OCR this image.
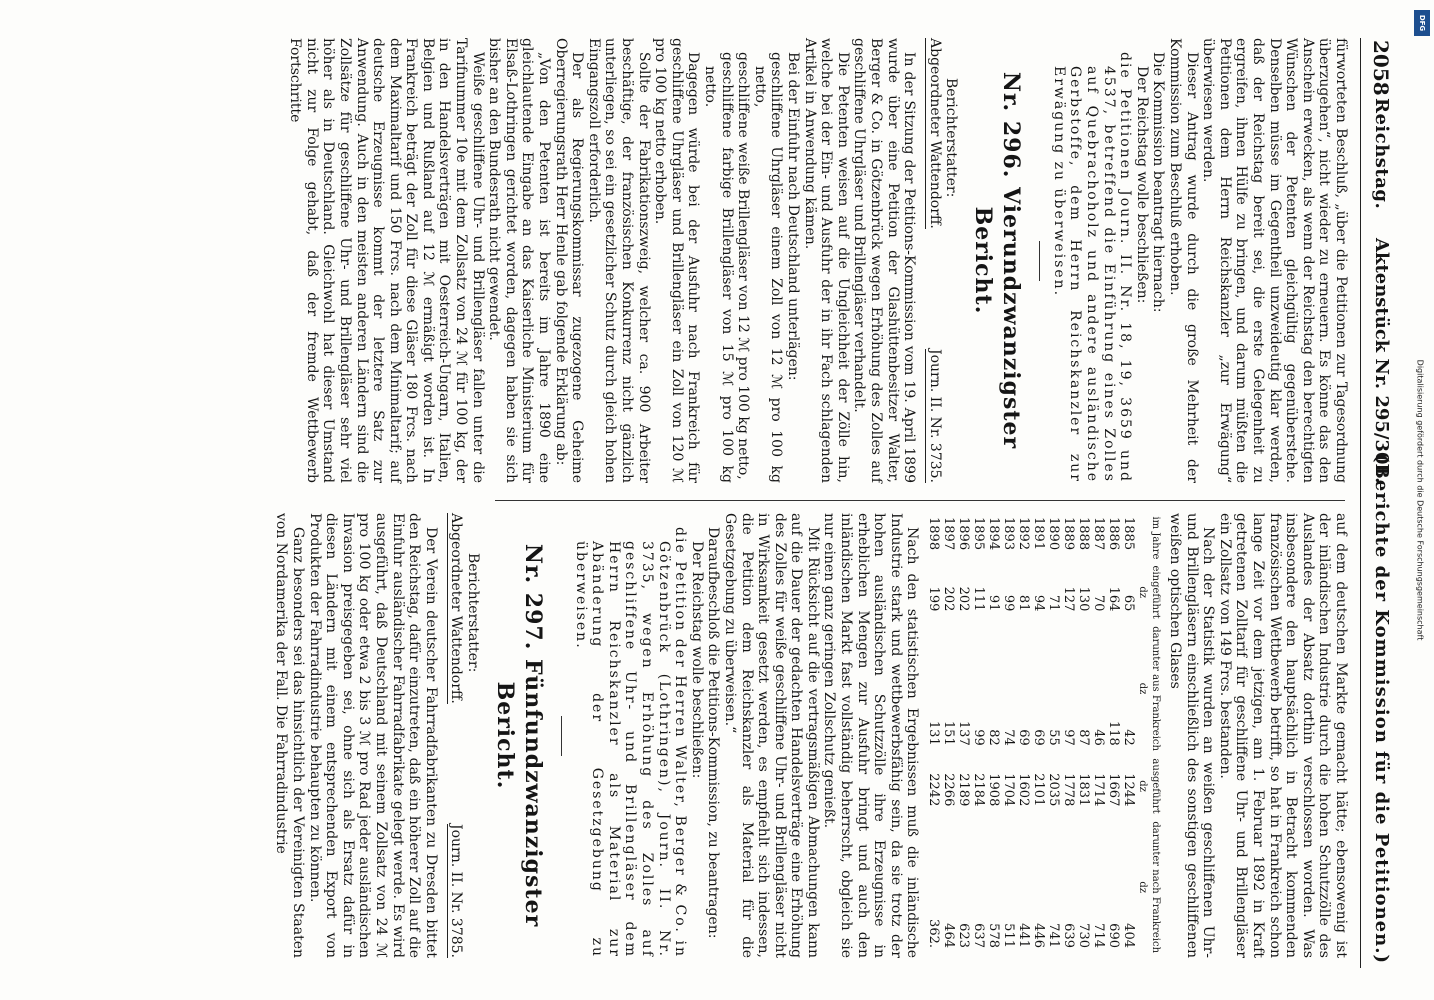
2058
Reichstag.
Aktenstück Nr. 295/301.
(Berichte der Kommission für die Petitionen.)

fürworteten Beschluß, „über die Petitionen zur Tagesordnung überzugehen“, nicht wieder zu erneuern. Es könne das den Anschein erwecken, als wenn der Reichstag den berechtigten Wünschen der Petenten gleichgültig gegenüberstehe. Denselben müsse im Gegentheil unzweideutig klar werden, daß der Reichstag bereit sei, die erste Gelegenheit zu ergreifen, ihnen Hülfe zu bringen, und darum müßten die Petitionen dem Herrn Reichskanzler „zur Erwägung“ überwiesen werden.

Dieser Antrag wurde durch die große Mehrheit der Kommission zum Beschluß erhoben.

Die Kommission beantragt hiernach:

Der Reichstag wolle beschließen:

die Petitionen Journ. II. Nr. 18, 19, 3659 und 4537, betreffend die Einführung eines Zolles auf Quebrachoholz und andere ausländische Gerbstoffe, dem Herrn Reichskanzler zur Erwägung zu überweisen.

Nr. 296. Vierundzwanzigster Bericht.

Berichterstatter:

Abgeordneter Wattendorff.
Journ. II. Nr. 3735.

In der Sitzung der Petitions-Kommission vom 19. April 1899 wurde über eine Petition der Glashüttenbesitzer Walter, Berger & Co. in Götzenbrück wegen Erhöhung des Zolles auf geschliffene Uhrgläser und Brillengläser verhandelt.

Die Petenten weisen auf die Ungleichheit der Zölle hin, welche bei der Ein- und Ausfuhr der in ihr Fach schlagenden Artikel in Anwendung kämen.

Bei der Einfuhr nach Deutschland unterlägen:

geschliffene Uhrgläser einem Zoll von 12 ℳ pro 100 kg netto,

geschliffene weiße Brillengläser von 12 ℳ pro 100 kg netto,

geschliffene farbige Brillengläser von 15 ℳ pro 100 kg netto.

Dagegen würde bei der Ausfuhr nach Frankreich für geschliffene Uhrgläser und Brillengläser ein Zoll von 120 ℳ pro 100 kg netto erhoben.

Sollte der Fabrikationszweig, welcher ca. 900 Arbeiter beschäftige, der französischen Konkurrenz nicht gänzlich unterliegen, so sei ein gesetzlicher Schutz durch gleich hohen Eingangszoll erforderlich.

Der als Regierungskommissar zugezogene Geheime Oberregierungsrath Herr Henle gab folgende Erklärung ab:

„Von den Petenten ist bereits im Jahre 1890 eine gleichlautende Eingabe an das Kaiserliche Ministerium für Elsaß-Lothringen gerichtet worden, dagegen haben sie sich bisher an den Bundesrath nicht gewendet.

Weiße geschliffene Uhr- und Brillengläser fallen unter die Tarifnummer 10e mit dem Zollsatz von 24 ℳ für 100 kg, der in den Handelsverträgen mit Oesterreich-Ungarn, Italien, Belgien und Rußland auf 12 ℳ ermäßigt worden ist. In Frankreich beträgt der Zoll für diese Gläser 180 Frcs. nach dem Maximaltarif und 150 Frcs. nach dem Minimaltarif; auf deutsche Erzeugnisse kommt der letztere Satz zur Anwendung. Auch in den meisten anderen Ländern sind die Zollsätze für geschliffene Uhr- und Brillengläser sehr viel höher als in Deutschland. Gleichwohl hat dieser Umstand nicht zur Folge gehabt, daß der fremde Wettbewerb Fortschritte

auf dem deutschen Markte gemacht hätte; ebensowenig ist der inländischen Industrie durch die hohen Schutzzölle des Auslandes der Absatz dorthin verschlossen worden. Was insbesondere den hauptsächlich in Betracht kommenden französischen Wettbewerb betrifft, so hat in Frankreich schon lange Zeit vor dem jetzigen, am 1. Februar 1892 in Kraft getretenen Zolltarif für geschliffene Uhr- und Brillengläser ein Zollsatz von 149 Frcs. bestanden.

Nach der Statistik wurden an weißen geschliffenen Uhr- und Brillengläsern einschließlich des sonstigen geschliffenen weißen optischen Glases

im Jahre	eingeführt	darunter aus Frankreich	ausgeführt	darunter nach Frankreich
	dz	dz	dz	dz
1885	65	42	1244	404
1886	164	118	1667	690
1887	70	46	1714	714
1888	130	87	1831	730
1889	127	97	1778	639
1890	71	55	2035	741
1891	94	69	2101	446
1892	81	69	1602	441
1893	99	74	1704	511
1894	91	82	1908	578
1895	111	99	2184	637
1896	202	137	2189	623
1897	202	151	2266	464
1898	199	131	2242	362.

Nach den statistischen Ergebnissen muß die inländische Industrie stark und wettbewerbsfähig sein, da sie trotz der hohen ausländischen Schutzzölle ihre Erzeugnisse in erheblichen Mengen zur Ausfuhr bringt und auch den inländischen Markt fast vollständig beherrscht, obgleich sie nur einen ganz geringen Zollschutz genießt.

Mit Rücksicht auf die vertragsmäßigen Abmachungen kann auf die Dauer der gedachten Handelsverträge eine Erhöhung des Zolles für weiße geschliffene Uhr- und Brillengläser nicht in Wirksamkeit gesetzt werden, es empfiehlt sich indessen, die Petition dem Reichskanzler als Material für die Gesetzgebung zu überweisen.“

Daraufbeschloß die Petitions-Kommission, zu beantragen:

Der Reichstag wolle beschließen:

die Petition der Herren Walter, Berger & Co. in Götzenbrück (Lothringen), Journ. II. Nr. 3735, wegen Erhöhung des Zolles auf geschliffene Uhr- und Brillengläser dem Herrn Reichskanzler als Material zur Abänderung der Gesetzgebung zu überweisen.

Nr. 297. Fünfundzwanzigster Bericht.

Berichterstatter:

Abgeordneter Wattendorff.
Journ. II. Nr. 3785.

Der Verein deutscher Fahrradfabrikanten zu Dresden bittet den Reichstag, dafür einzutreten, daß ein höherer Zoll auf die Einfuhr ausländischer Fahrradfabrikate gelegt werde. Es wird ausgeführt, daß Deutschland mit seinem Zollsatz von 24 ℳ pro 100 kg oder etwa 2 bis 3 ℳ pro Rad jeder ausländischen Invasion preisgegeben sei, ohne sich als Ersatz dafür in diesen Ländern mit einem entsprechenden Export von Produkten der Fahrradindustrie behaupten zu können.

Ganz besonders sei das hinsichtlich der Vereinigten Staaten von Nordamerika der Fall. Die Fahrradindustrie

DFG
Digitalisierung gefördert durch die Deutsche Forschungsgemeinschaft
